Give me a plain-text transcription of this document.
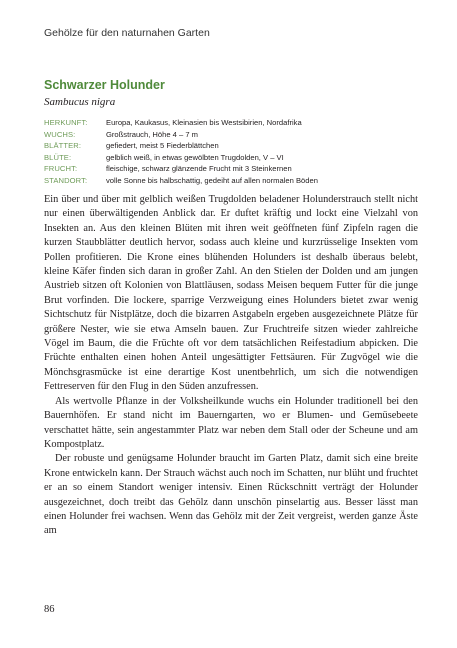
Gehölze für den naturnahen Garten
Schwarzer Holunder
Sambucus nigra
HERKUNFT:	Europa, Kaukasus, Kleinasien bis Westsibirien, Nordafrika
WUCHS:	Großstrauch, Höhe 4 – 7 m
BLÄTTER:	gefiedert, meist 5 Fiederblättchen
BLÜTE:	gelblich weiß, in etwas gewölbten Trugdolden, V – VI
FRUCHT:	fleischige, schwarz glänzende Frucht mit 3 Steinkernen
STANDORT:	volle Sonne bis halbschattig, gedeiht auf allen normalen Böden

Ein über und über mit gelblich weißen Trugdolden beladener Holunderstrauch stellt nicht nur einen überwältigenden Anblick dar. Er duftet kräftig und lockt eine Vielzahl von Insekten an. Aus den kleinen Blüten mit ihren weit geöffneten fünf Zipfeln ragen die kurzen Staubblätter deutlich hervor, sodass auch kleine und kurzrüsselige Insekten vom Pollen profitieren. Die Krone eines blühenden Holunders ist deshalb überaus belebt, kleine Käfer finden sich daran in großer Zahl. An den Stielen der Dolden und am jungen Austrieb sitzen oft Kolonien von Blattläusen, sodass Meisen bequem Futter für die junge Brut vorfinden. Die lockere, sparrige Verzweigung eines Holunders bietet zwar wenig Sichtschutz für Nistplätze, doch die bizarren Astgabeln ergeben ausgezeichnete Plätze für größere Nester, wie sie etwa Amseln bauen. Zur Fruchtreife sitzen wieder zahlreiche Vögel im Baum, die die Früchte oft vor dem tatsächlichen Reifestadium abpicken. Die Früchte enthalten einen hohen Anteil ungesättigter Fettsäuren. Für Zugvögel wie die Mönchsgrasmücke ist eine derartige Kost unentbehrlich, um sich die notwendigen Fettreserven für den Flug in den Süden anzufressen.

Als wertvolle Pflanze in der Volksheilkunde wuchs ein Holunder traditionell bei den Bauernhöfen. Er stand nicht im Bauerngarten, wo er Blumen- und Gemüsebeete verschattet hätte, sein angestammter Platz war neben dem Stall oder der Scheune und am Kompostplatz.

Der robuste und genügsame Holunder braucht im Garten Platz, damit sich eine breite Krone entwickeln kann. Der Strauch wächst auch noch im Schatten, nur blüht und fruchtet er an so einem Standort weniger intensiv. Einen Rückschnitt verträgt der Holunder ausgezeichnet, doch treibt das Gehölz dann unschön pinselartig aus. Besser lässt man einen Holunder frei wachsen. Wenn das Gehölz mit der Zeit vergreist, werden ganze Äste am

86
